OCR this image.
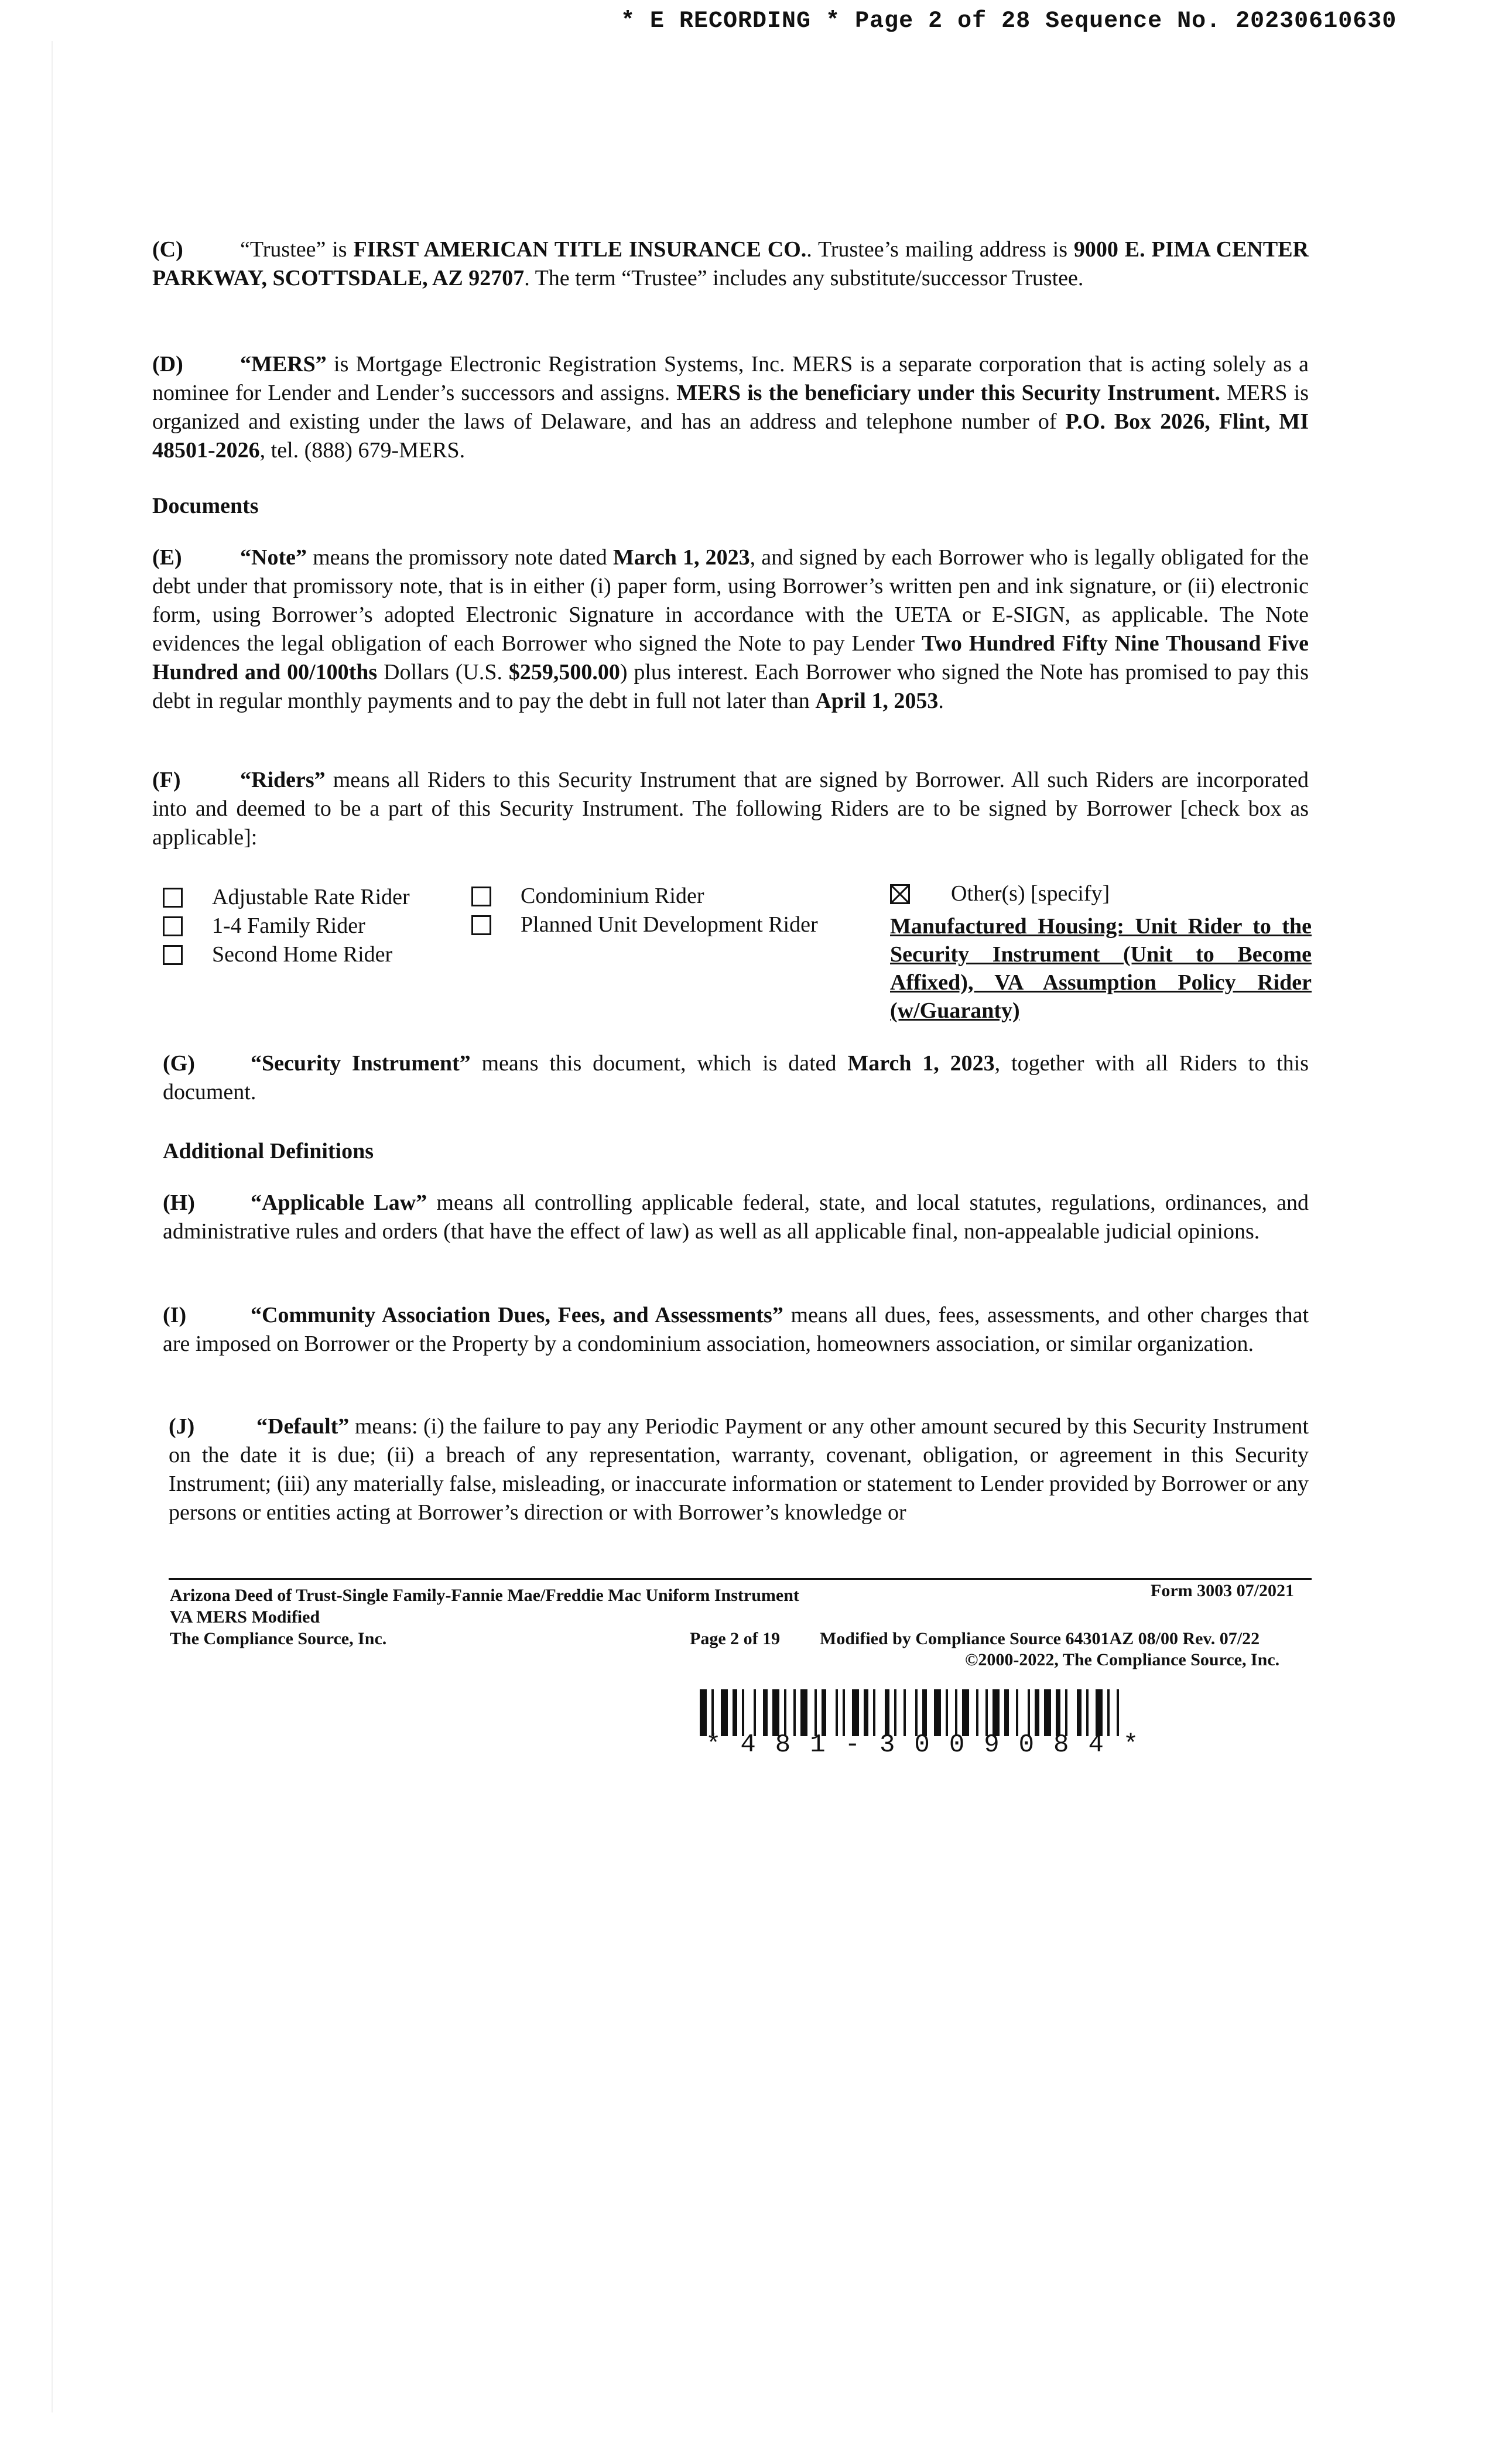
* E RECORDING * Page 2 of 28 Sequence No. 20230610630
(C)	“Trustee” is FIRST AMERICAN TITLE INSURANCE CO.. Trustee’s mailing address is 9000 E. PIMA CENTER PARKWAY, SCOTTSDALE, AZ 92707. The term “Trustee” includes any substitute/successor Trustee.
(D)	“MERS” is Mortgage Electronic Registration Systems, Inc. MERS is a separate corporation that is acting solely as a nominee for Lender and Lender’s successors and assigns. MERS is the beneficiary under this Security Instrument. MERS is organized and existing under the laws of Delaware, and has an address and telephone number of P.O. Box 2026, Flint, MI 48501-2026, tel. (888) 679-MERS.
Documents
(E)	“Note” means the promissory note dated March 1, 2023, and signed by each Borrower who is legally obligated for the debt under that promissory note, that is in either (i) paper form, using Borrower’s written pen and ink signature, or (ii) electronic form, using Borrower’s adopted Electronic Signature in accordance with the UETA or E-SIGN, as applicable. The Note evidences the legal obligation of each Borrower who signed the Note to pay Lender Two Hundred Fifty Nine Thousand Five Hundred and 00/100ths Dollars (U.S. $259,500.00) plus interest. Each Borrower who signed the Note has promised to pay this debt in regular monthly payments and to pay the debt in full not later than April 1, 2053.
(F)	“Riders” means all Riders to this Security Instrument that are signed by Borrower. All such Riders are incorporated into and deemed to be a part of this Security Instrument. The following Riders are to be signed by Borrower [check box as applicable]:
Adjustable Rate Rider
1-4 Family Rider
Second Home Rider
Condominium Rider
Planned Unit Development Rider
Other(s) [specify]
Manufactured Housing: Unit Rider to the Security Instrument (Unit to Become Affixed), VA Assumption Policy Rider (w/Guaranty)
(G)	“Security Instrument” means this document, which is dated March 1, 2023, together with all Riders to this document.
Additional Definitions
(H)	“Applicable Law” means all controlling applicable federal, state, and local statutes, regulations, ordinances, and administrative rules and orders (that have the effect of law) as well as all applicable final, non-appealable judicial opinions.
(I)	“Community Association Dues, Fees, and Assessments” means all dues, fees, assessments, and other charges that are imposed on Borrower or the Property by a condominium association, homeowners association, or similar organization.
(J)	“Default” means: (i) the failure to pay any Periodic Payment or any other amount secured by this Security Instrument on the date it is due; (ii) a breach of any representation, warranty, covenant, obligation, or agreement in this Security Instrument; (iii) any materially false, misleading, or inaccurate information or statement to Lender provided by Borrower or any persons or entities acting at Borrower’s direction or with Borrower’s knowledge or
Arizona Deed of Trust-Single Family-Fannie Mae/Freddie Mac Uniform Instrument
VA MERS Modified
The Compliance Source, Inc.
Form 3003 07/2021
Page 2 of 19 Modified by Compliance Source 64301AZ 08/00 Rev. 07/22
©2000-2022, The Compliance Source, Inc.
*481-3009084*
